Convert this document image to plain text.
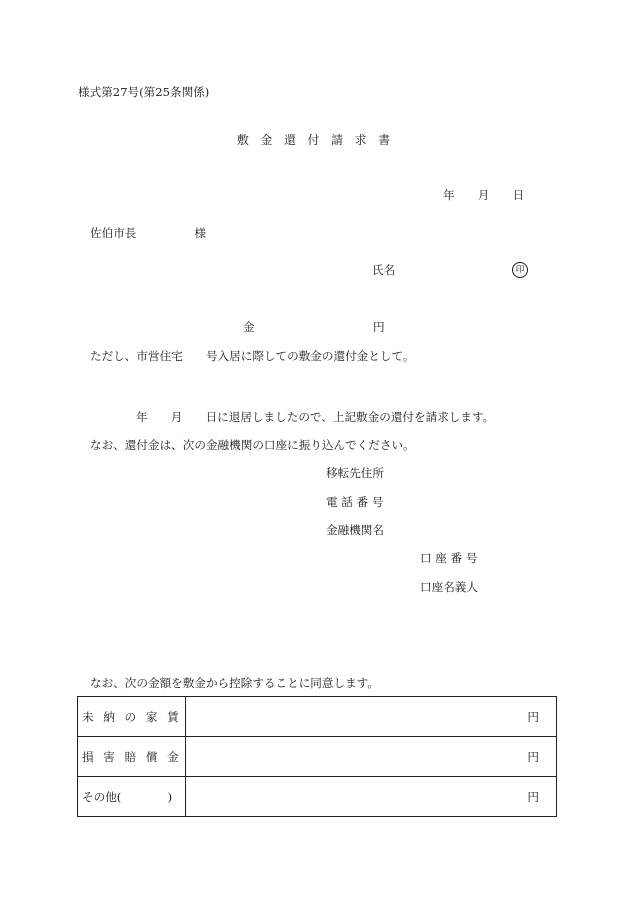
様式第27号(第25条関係)
敷 金 還 付 請 求 書
年　　月　　日
佐伯市長　　　　　様
氏名	印
金	円
ただし、市営住宅　　号入居に際しての敷金の還付金として。
年　　月　　日に退居しましたので、上記敷金の還付を請求します。
なお、還付金は、次の金融機関の口座に振り込んでください。
移転先住所
電 話 番 号
金融機関名
口 座 番 号
口座名義人
なお、次の金額を敷金から控除することに同意します。
未 納 の 家 賃	円
損 害 賠 償 金	円
その他(　　　　)	円
